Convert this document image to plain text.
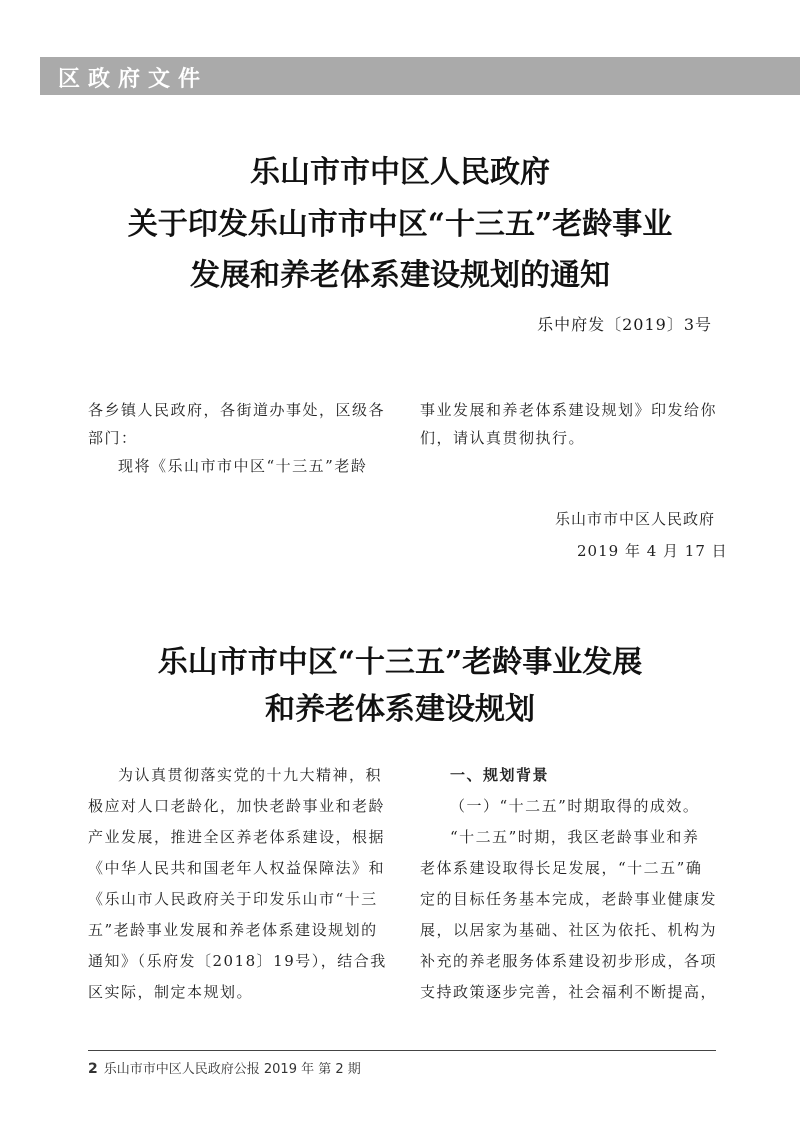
区政府文件
乐山市市中区人民政府
关于印发乐山市市中区“十三五”老龄事业
发展和养老体系建设规划的通知
乐中府发〔2019〕3号

各乡镇人民政府，各街道办事处，区级各

部门：

现将《乐山市市中区“十三五”老龄

事业发展和养老体系建设规划》印发给你

们，请认真贯彻执行。

乐山市市中区人民政府
2019 年 4 月 17 日
乐山市市中区“十三五”老龄事业发展
和养老体系建设规划

为认真贯彻落实党的十九大精神，积

极应对人口老龄化，加快老龄事业和老龄

产业发展，推进全区养老体系建设，根据

《中华人民共和国老年人权益保障法》和

《乐山市人民政府关于印发乐山市“十三

五”老龄事业发展和养老体系建设规划的

通知》（乐府发〔2018〕19号），结合我

区实际，制定本规划。

一、规划背景

（一）“十二五”时期取得的成效。

“十二五”时期，我区老龄事业和养

老体系建设取得长足发展，“十二五”确

定的目标任务基本完成，老龄事业健康发

展，以居家为基础、社区为依托、机构为

补充的养老服务体系建设初步形成，各项

支持政策逐步完善，社会福利不断提高，

2 乐山市市中区人民政府公报 2019 年 第 2 期
